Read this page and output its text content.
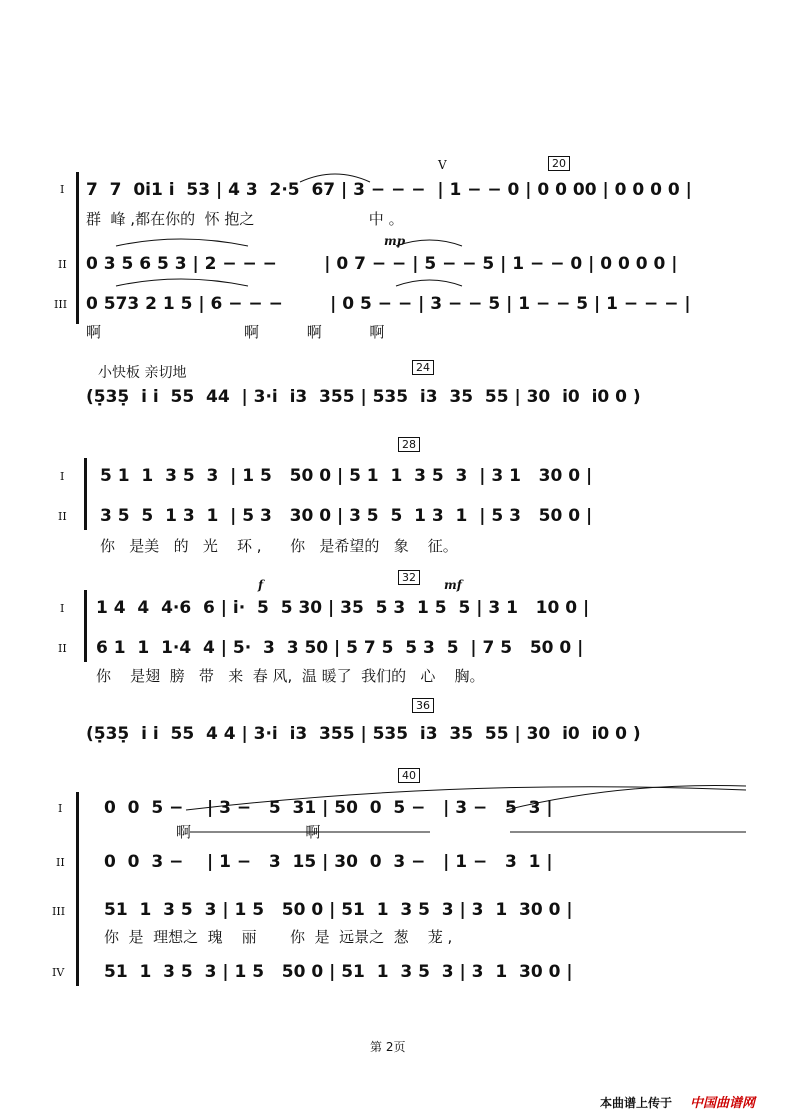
I 7  7  0i1 i  53 | 4 3  2·5  67 | 3 − − −  | 1 − − 0 | 0 0 00 | 0 0 0 0 |
群  峰 ,都在你的  怀 抱之                        中 。
II 0 3 5 6 5 3 | 2 − − −        | 0 7 − − | 5 − − 5 | 1 − − 0 | 0 0 0 0 |
III 0 573 2 1 5 | 6 − − −        | 0 5 − − | 3 − − 5 | 1 − − 5 | 1 − − − |
啊                              啊          啊          啊
20
V
mp
小快板 亲切地
(5̣35̣  i i  55  44  | 3·i  i3  355 | 535  i3  35  55 | 30  i0  i0 0 )
24
I 5 1  1  3 5  3  | 1 5   50 0 | 5 1  1  3 5  3  | 3 1   30 0 |
II 3 5  5  1 3  1  | 5 3   30 0 | 3 5  5  1 3  1  | 5 3   50 0 |
你   是美   的   光    环 ,      你   是希望的   象    征。
28
I 1 4  4  4·6  6 | i·  5  5 30 | 35  5 3  1 5  5 | 3 1   10 0 |
II 6 1  1  1·4  4 | 5·  3  3 50 | 5 7 5  5 3  5  | 7 5   50 0 |
你    是翅  膀   带   来  春 风,  温 暖了  我们的   心    胸。
32
f	mf
(5̣35̣  i i  55  4 4 | 3·i  i3  355 | 535  i3  35  55 | 30  i0  i0 0 )
36
I 0  0  5 −    | 3 −   5  31 | 50  0  5 −   | 3 −   5  3 |
啊                        啊
II 0  0  3 −    | 1 −   3  15 | 30  0  3 −   | 1 −   3  1 |
III 51  1  3 5  3 | 1 5   50 0 | 51  1  3 5  3 | 3  1  30 0 |
你  是  理想之  瑰    丽       你  是  远景之  葱    茏 ,
IV 51  1  3 5  3 | 1 5   50 0 | 51  1  3 5  3 | 3  1  30 0 |
40
第 2页
本曲谱上传于 中国曲谱网
